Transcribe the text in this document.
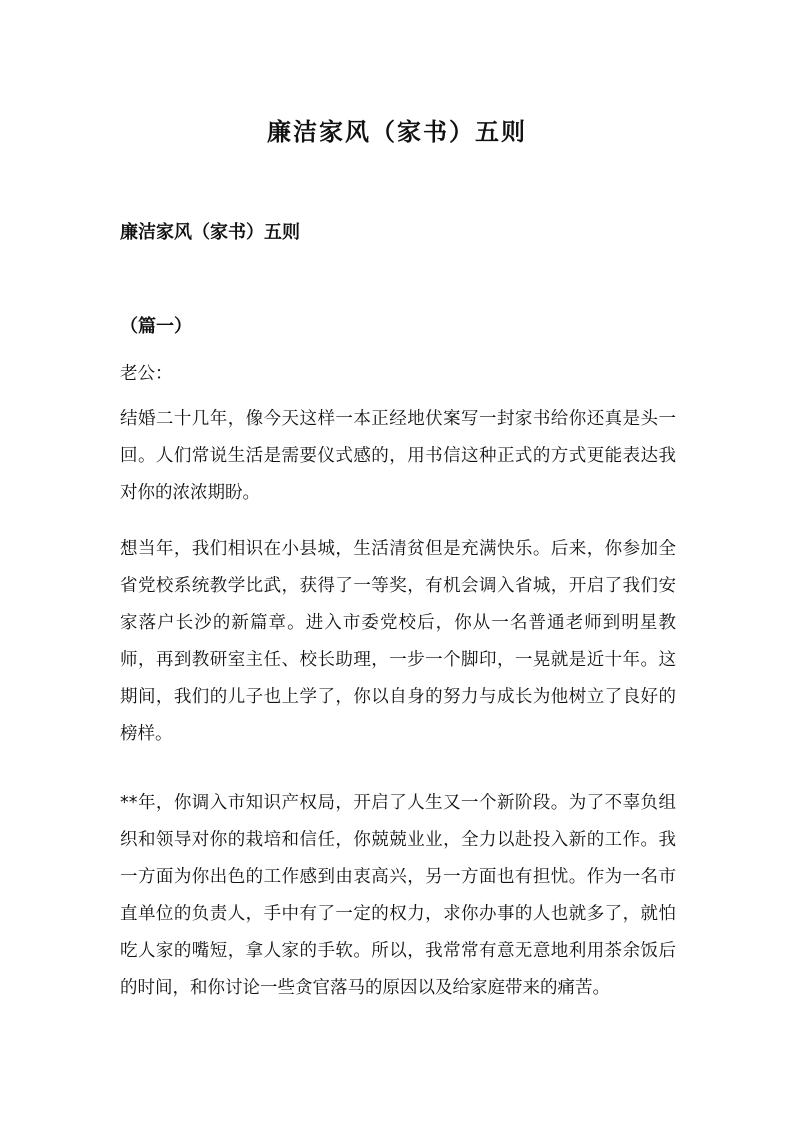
廉洁家风（家书）五则
廉洁家风（家书）五则
（篇一）
老公：
结婚二十几年，像今天这样一本正经地伏案写一封家书给你还真是头一回。人们常说生活是需要仪式感的，用书信这种正式的方式更能表达我对你的浓浓期盼。
想当年，我们相识在小县城，生活清贫但是充满快乐。后来，你参加全省党校系统教学比武，获得了一等奖，有机会调入省城，开启了我们安家落户长沙的新篇章。进入市委党校后，你从一名普通老师到明星教师，再到教研室主任、校长助理，一步一个脚印，一晃就是近十年。这期间，我们的儿子也上学了，你以自身的努力与成长为他树立了良好的榜样。
**年，你调入市知识产权局，开启了人生又一个新阶段。为了不辜负组织和领导对你的栽培和信任，你兢兢业业，全力以赴投入新的工作。我一方面为你出色的工作感到由衷高兴，另一方面也有担忧。作为一名市直单位的负责人，手中有了一定的权力，求你办事的人也就多了，就怕吃人家的嘴短，拿人家的手软。所以，我常常有意无意地利用茶余饭后的时间，和你讨论一些贪官落马的原因以及给家庭带来的痛苦。
